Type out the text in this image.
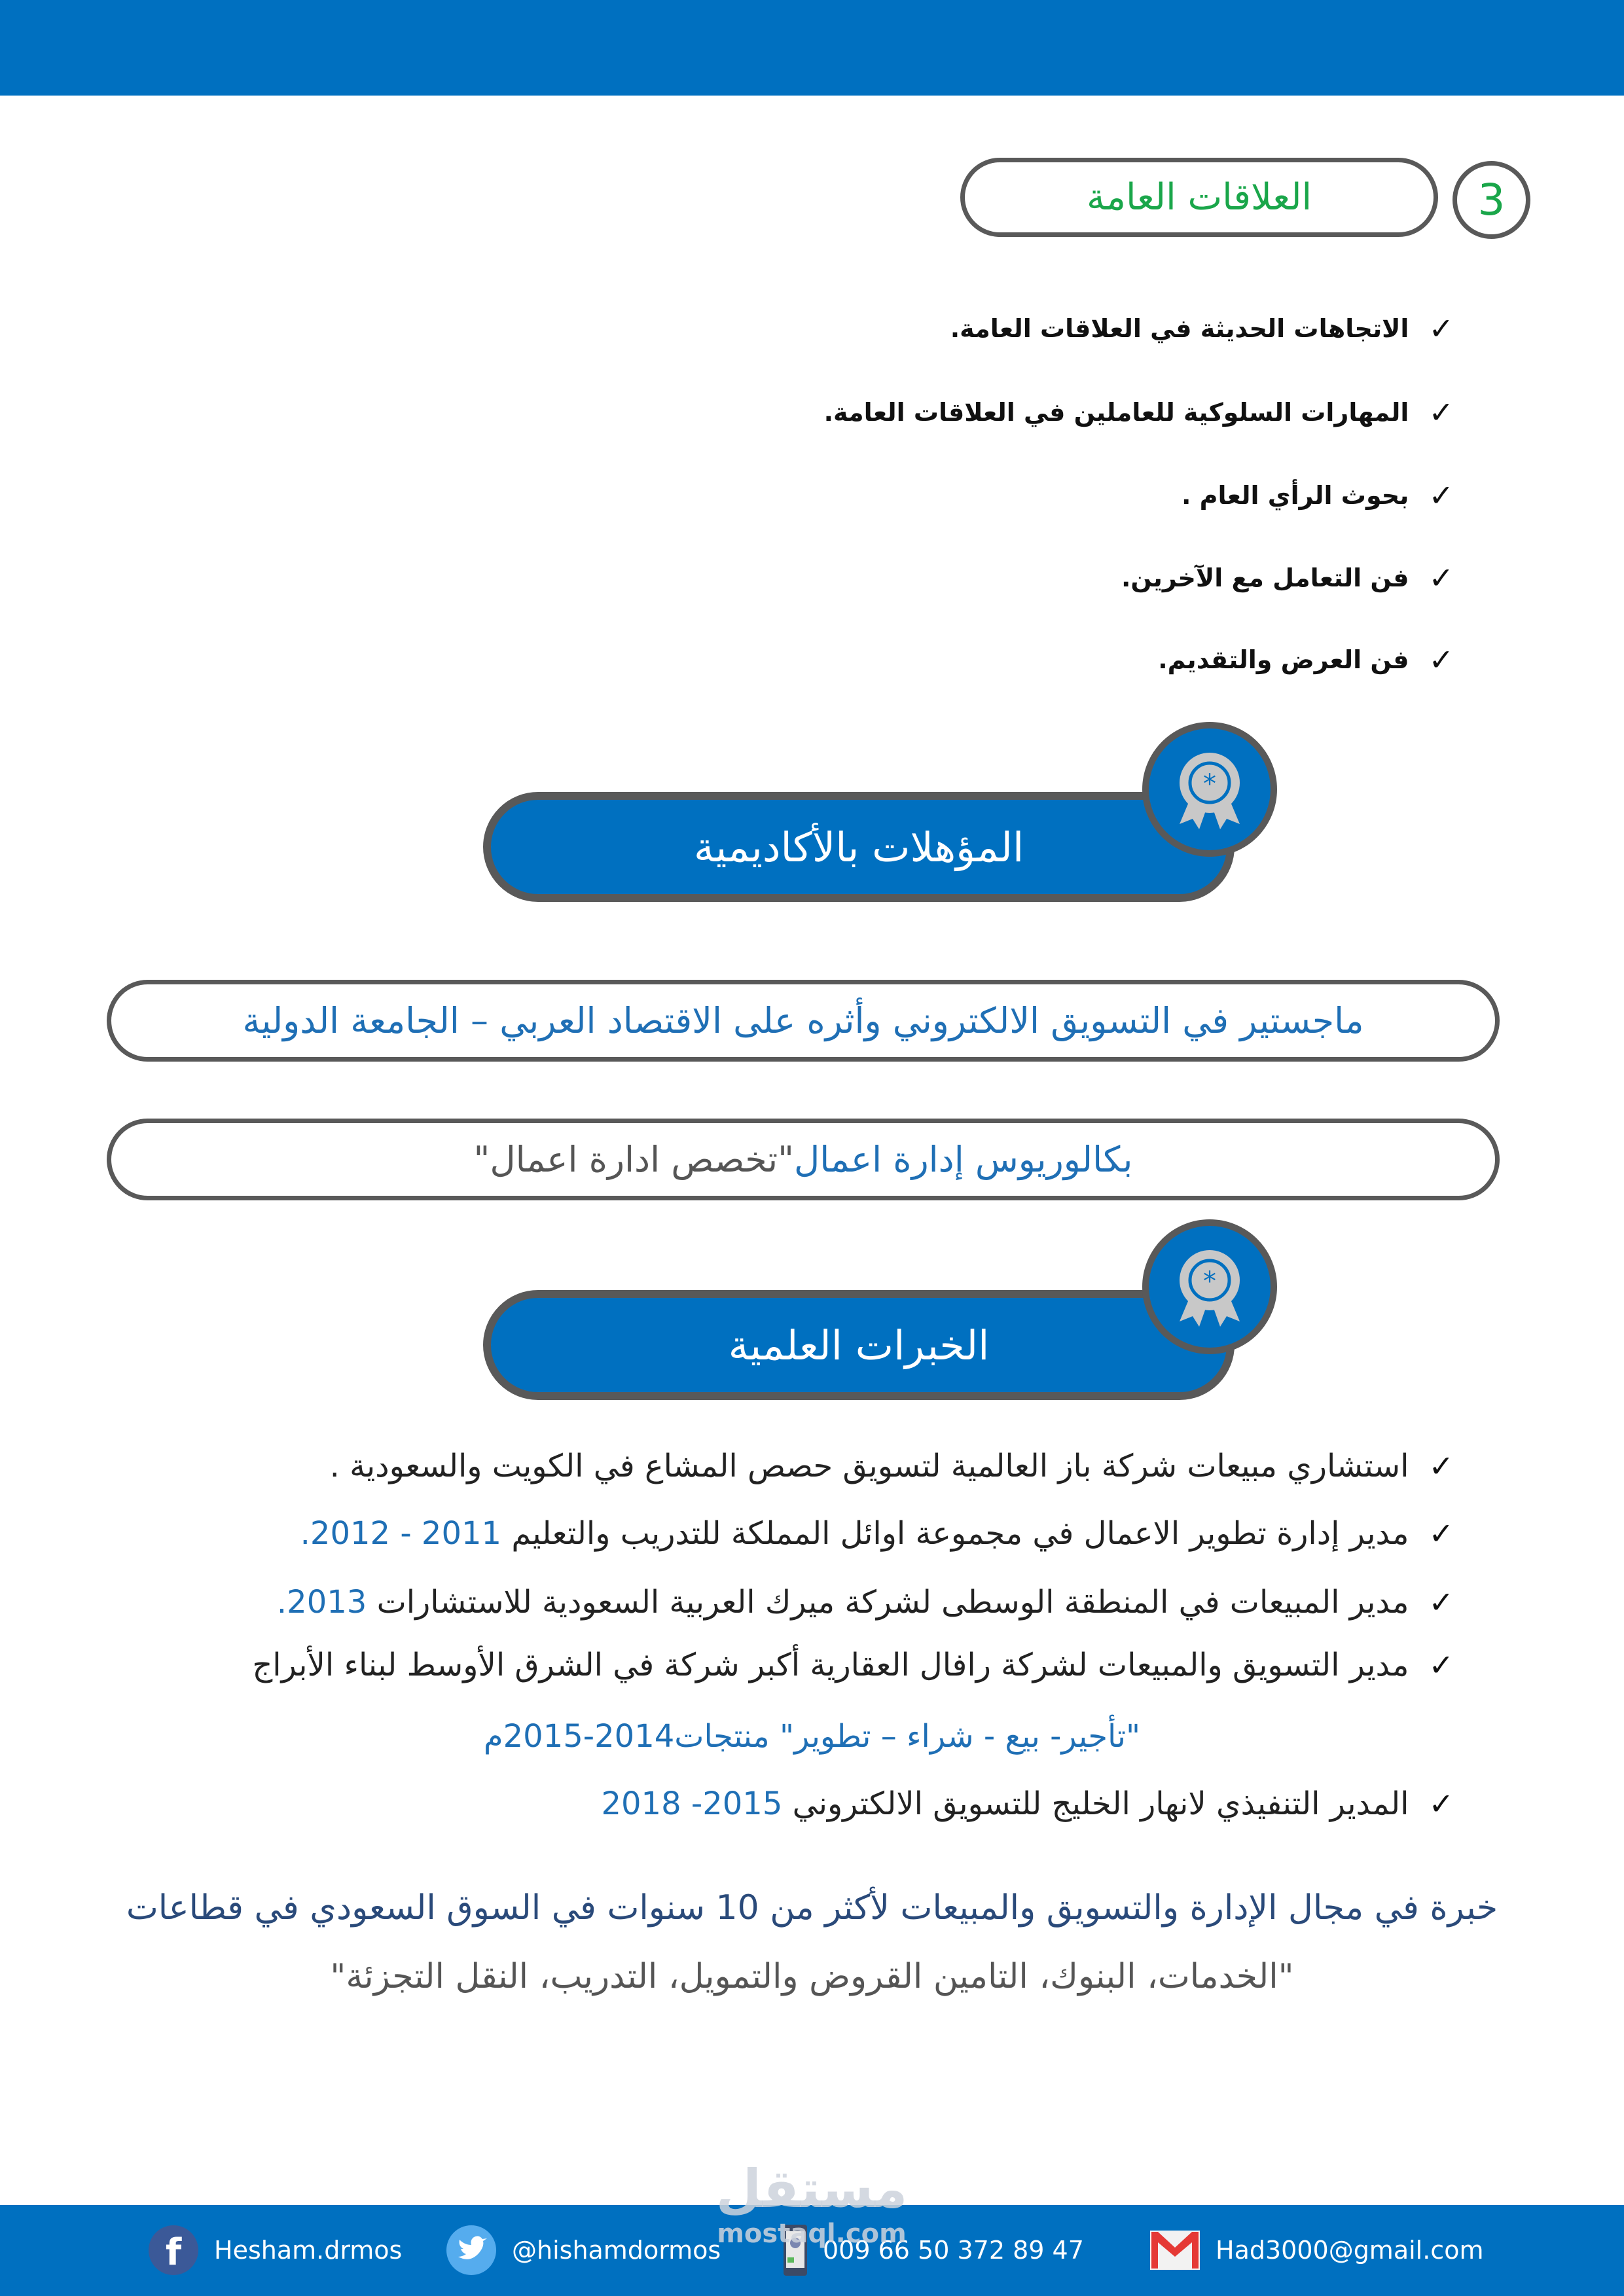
العلاقات العامة	3
✓
الاتجاهات الحديثة في العلاقات العامة.
✓
المهارات السلوكية للعاملين في العلاقات العامة.
✓
بحوث الرأي العام .
✓
فن التعامل مع الآخرين.
✓
فن العرض والتقديم.
المؤهلات بالأكاديمية
*
ماجستير في التسويق الالكتروني وأثره على الاقتصاد العربي – الجامعة الدولية
بكالوريوس إدارة اعمال
"تخصص ادارة اعمال"
الخبرات العلمية
*
✓
استشاري مبيعات شركة باز العالمية لتسويق حصص المشاع في الكويت والسعودية .
✓
مدير إدارة تطوير الاعمال في مجموعة اوائل المملكة للتدريب والتعليم 2011 - 2012.
✓
مدير المبيعات في المنطقة الوسطى لشركة ميرك العربية السعودية للاستشارات 2013.
✓
مدير التسويق والمبيعات لشركة رافال العقارية أكبر شركة في الشرق الأوسط لبناء الأبراج
✓
المدير التنفيذي لانهار الخليج للتسويق الالكتروني 2015- 2018
"تأجير- بيع - شراء – تطوير" منتجات2014-2015م
خبرة في مجال الإدارة والتسويق والمبيعات لأكثر من 10 سنوات في السوق السعودي في قطاعات
"الخدمات، البنوك، التامين القروض والتمويل، التدريب، النقل التجزئة"
f Hesham.drmos	@hishamdormos	009 66 50 372 89 47	Had3000@gmail.com
مستقل
mostaql.com
